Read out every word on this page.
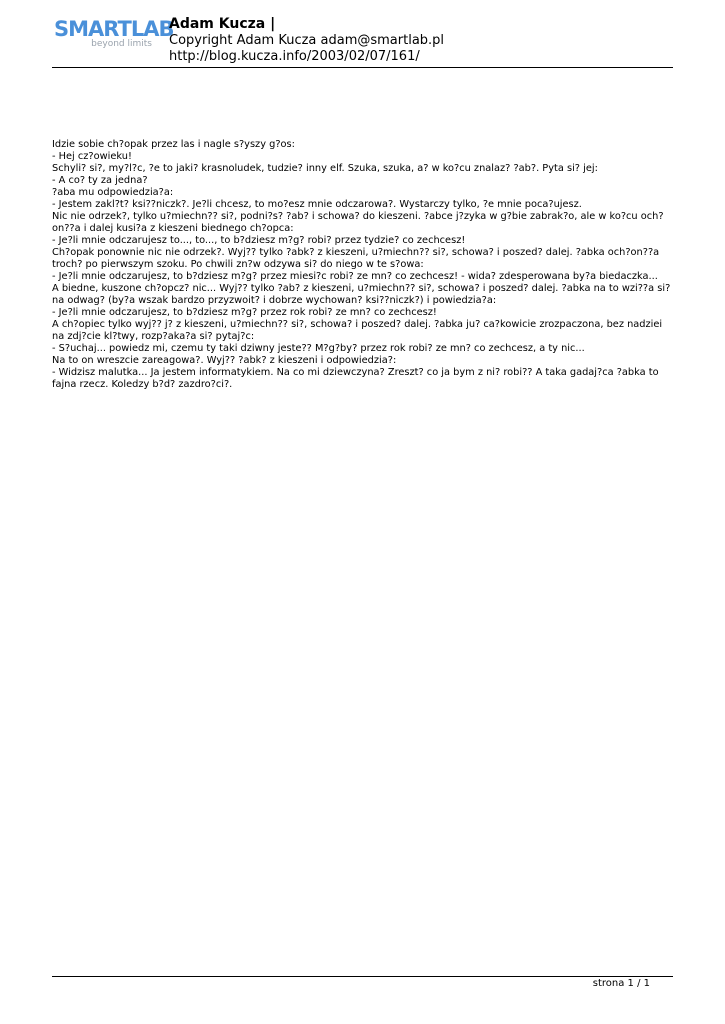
SMARTLAB
beyond limits
Adam Kucza |
Copyright Adam Kucza adam@smartlab.pl
http://blog.kucza.info/2003/02/07/161/

Idzie sobie ch?opak przez las i nagle s?yszy g?os:

- Hej cz?owieku!

Schyli? si?, my?l?c, ?e to jaki? krasnoludek, tudzie? inny elf. Szuka, szuka, a? w ko?cu znalaz? ?ab?. Pyta si? jej:

- A co? ty za jedna?

?aba mu odpowiedzia?a:

- Jestem zakl?t? ksi??niczk?. Je?li chcesz, to mo?esz mnie odczarowa?. Wystarczy tylko, ?e mnie poca?ujesz.

Nic nie odrzek?, tylko u?miechn?? si?, podni?s? ?ab? i schowa? do kieszeni. ?abce j?zyka w g?bie zabrak?o, ale w ko?cu och?on??a i dalej kusi?a z kieszeni biednego ch?opca:

- Je?li mnie odczarujesz to..., to..., to b?dziesz m?g? robi? przez tydzie? co zechcesz!

Ch?opak ponownie nic nie odrzek?. Wyj?? tylko ?abk? z kieszeni, u?miechn?? si?, schowa? i poszed? dalej. ?abka och?on??a troch? po pierwszym szoku. Po chwili zn?w odzywa si? do niego w te s?owa:

- Je?li mnie odczarujesz, to b?dziesz m?g? przez miesi?c robi? ze mn? co zechcesz! - wida? zdesperowana by?a biedaczka...

A biedne, kuszone ch?opcz? nic... Wyj?? tylko ?ab? z kieszeni, u?miechn?? si?, schowa? i poszed? dalej. ?abka na to wzi??a si? na odwag? (by?a wszak bardzo przyzwoit? i dobrze wychowan? ksi??niczk?) i powiedzia?a:

- Je?li mnie odczarujesz, to b?dziesz m?g? przez rok robi? ze mn? co zechcesz!

A ch?opiec tylko wyj?? j? z kieszeni, u?miechn?? si?, schowa? i poszed? dalej. ?abka ju? ca?kowicie zrozpaczona, bez nadziei na zdj?cie kl?twy, rozp?aka?a si? pytaj?c:

- S?uchaj... powiedz mi, czemu ty taki dziwny jeste?? M?g?by? przez rok robi? ze mn? co zechcesz, a ty nic...

Na to on wreszcie zareagowa?. Wyj?? ?abk? z kieszeni i odpowiedzia?:

- Widzisz malutka... Ja jestem informatykiem. Na co mi dziewczyna? Zreszt? co ja bym z ni? robi?? A taka gadaj?ca ?abka to fajna rzecz. Koledzy b?d? zazdro?ci?.

strona 1 / 1
